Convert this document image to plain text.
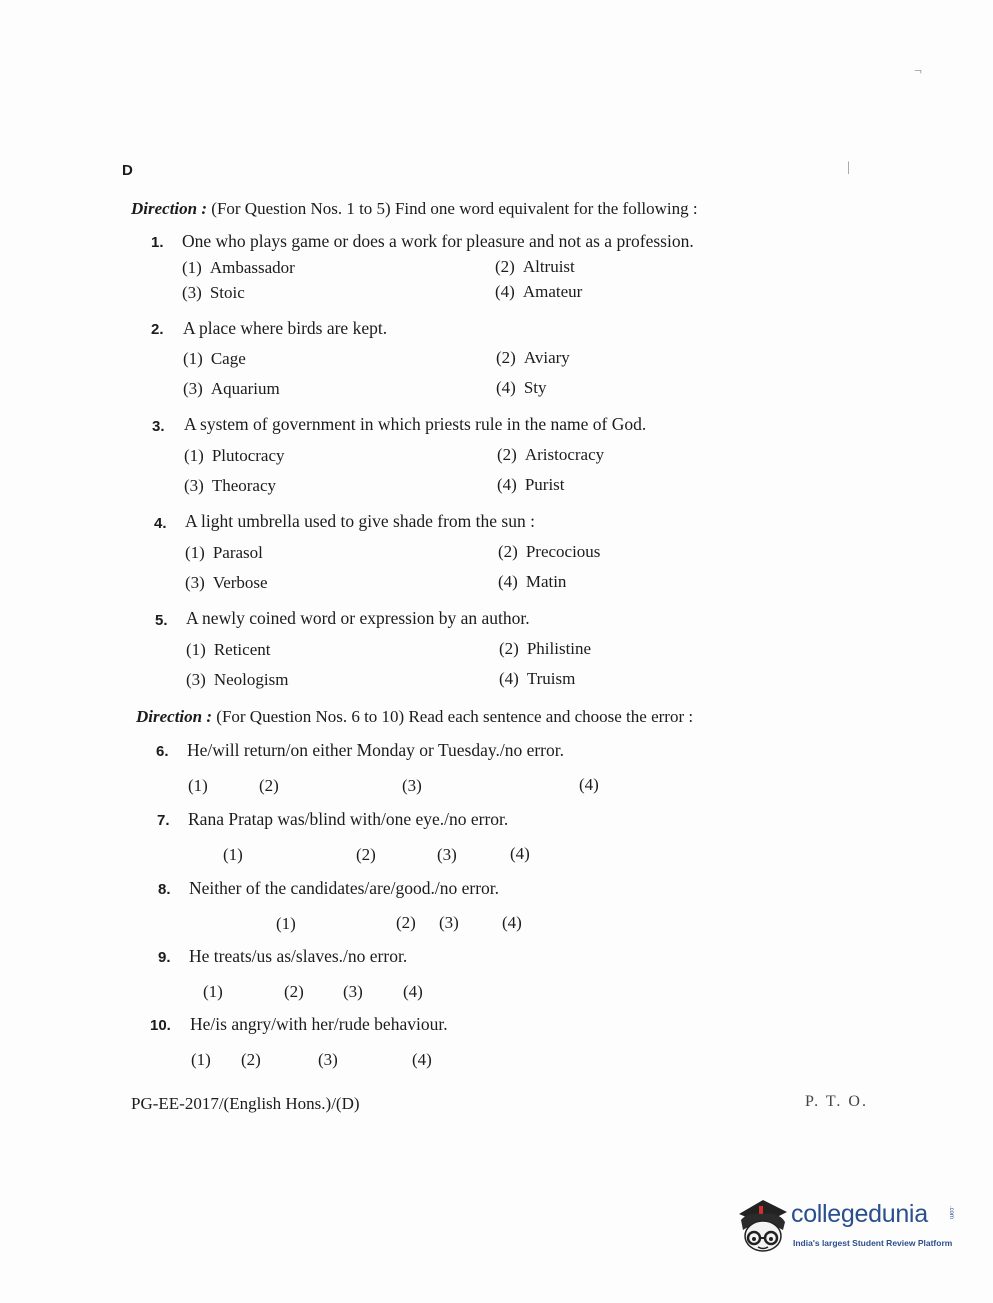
D
¬
|
Direction : (For Question Nos. 1 to 5) Find one word equivalent for the following :
1. One who plays game or does a work for pleasure and not as a profession.
(1) Ambassador	(2) Altruist
(3) Stoic	(4) Amateur
2. A place where birds are kept.
(1) Cage	(2) Aviary
(3) Aquarium	(4) Sty
3. A system of government in which priests rule in the name of God.
(1) Plutocracy	(2) Aristocracy
(3) Theoracy	(4) Purist
4. A light umbrella used to give shade from the sun :
(1) Parasol	(2) Precocious
(3) Verbose	(4) Matin
5. A newly coined word or expression by an author.
(1) Reticent	(2) Philistine
(3) Neologism	(4) Truism
Direction : (For Question Nos. 6 to 10) Read each sentence and choose the error :
6. He/will return/on either Monday or Tuesday./no error.
(1)	(2)	(3)	(4)
7. Rana Pratap was/blind with/one eye./no error.
(1)	(2)	(3)	(4)
8. Neither of the candidates/are/good./no error.
(1)	(2) (3)	(4)
9. He treats/us as/slaves./no error.
(1)	(2) (3) (4)
10. He/is angry/with her/rude behaviour.
(1) (2)	(3)	(4)
PG-EE-2017/(English Hons.)/(D)	P. T. O.
collegedunia	.com
India's largest Student Review Platform
